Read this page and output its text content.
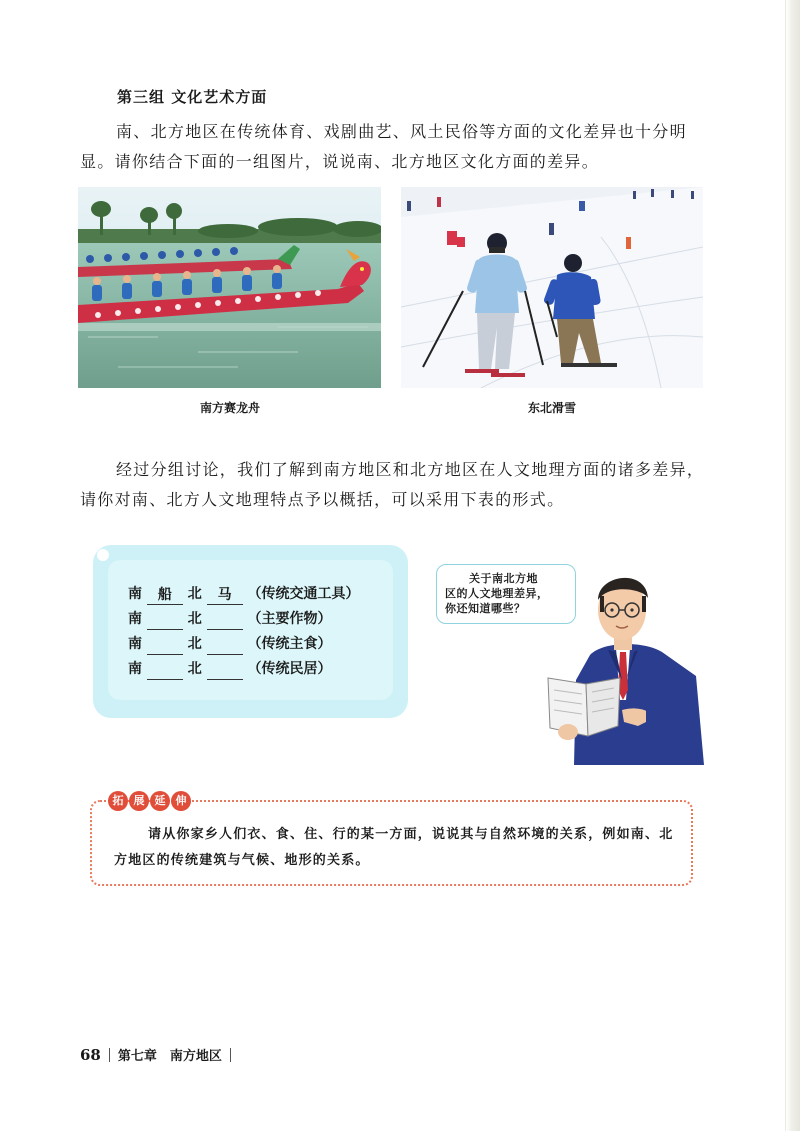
第三组 文化艺术方面
南、北方地区在传统体育、戏剧曲艺、风土民俗等方面的文化差异也十分明显。请你结合下面的一组图片，说说南、北方地区文化方面的差异。
南方赛龙舟	东北滑雪
经过分组讨论，我们了解到南方地区和北方地区在人文地理方面的诸多差异，请你对南、北方人文地理特点予以概括，可以采用下表的形式。
南 船 北 马 （传统交通工具）
南	北	（主要作物）
南	北	（传统主食）
南	北	（传统民居）
关于南北方地
区的人文地理差异，
你还知道哪些？
拓 展 延 伸
请从你家乡人们衣、食、住、行的某一方面，说说其与自然环境的关系，例如南、北方地区的传统建筑与气候、地形的关系。
68 第七章　南方地区
